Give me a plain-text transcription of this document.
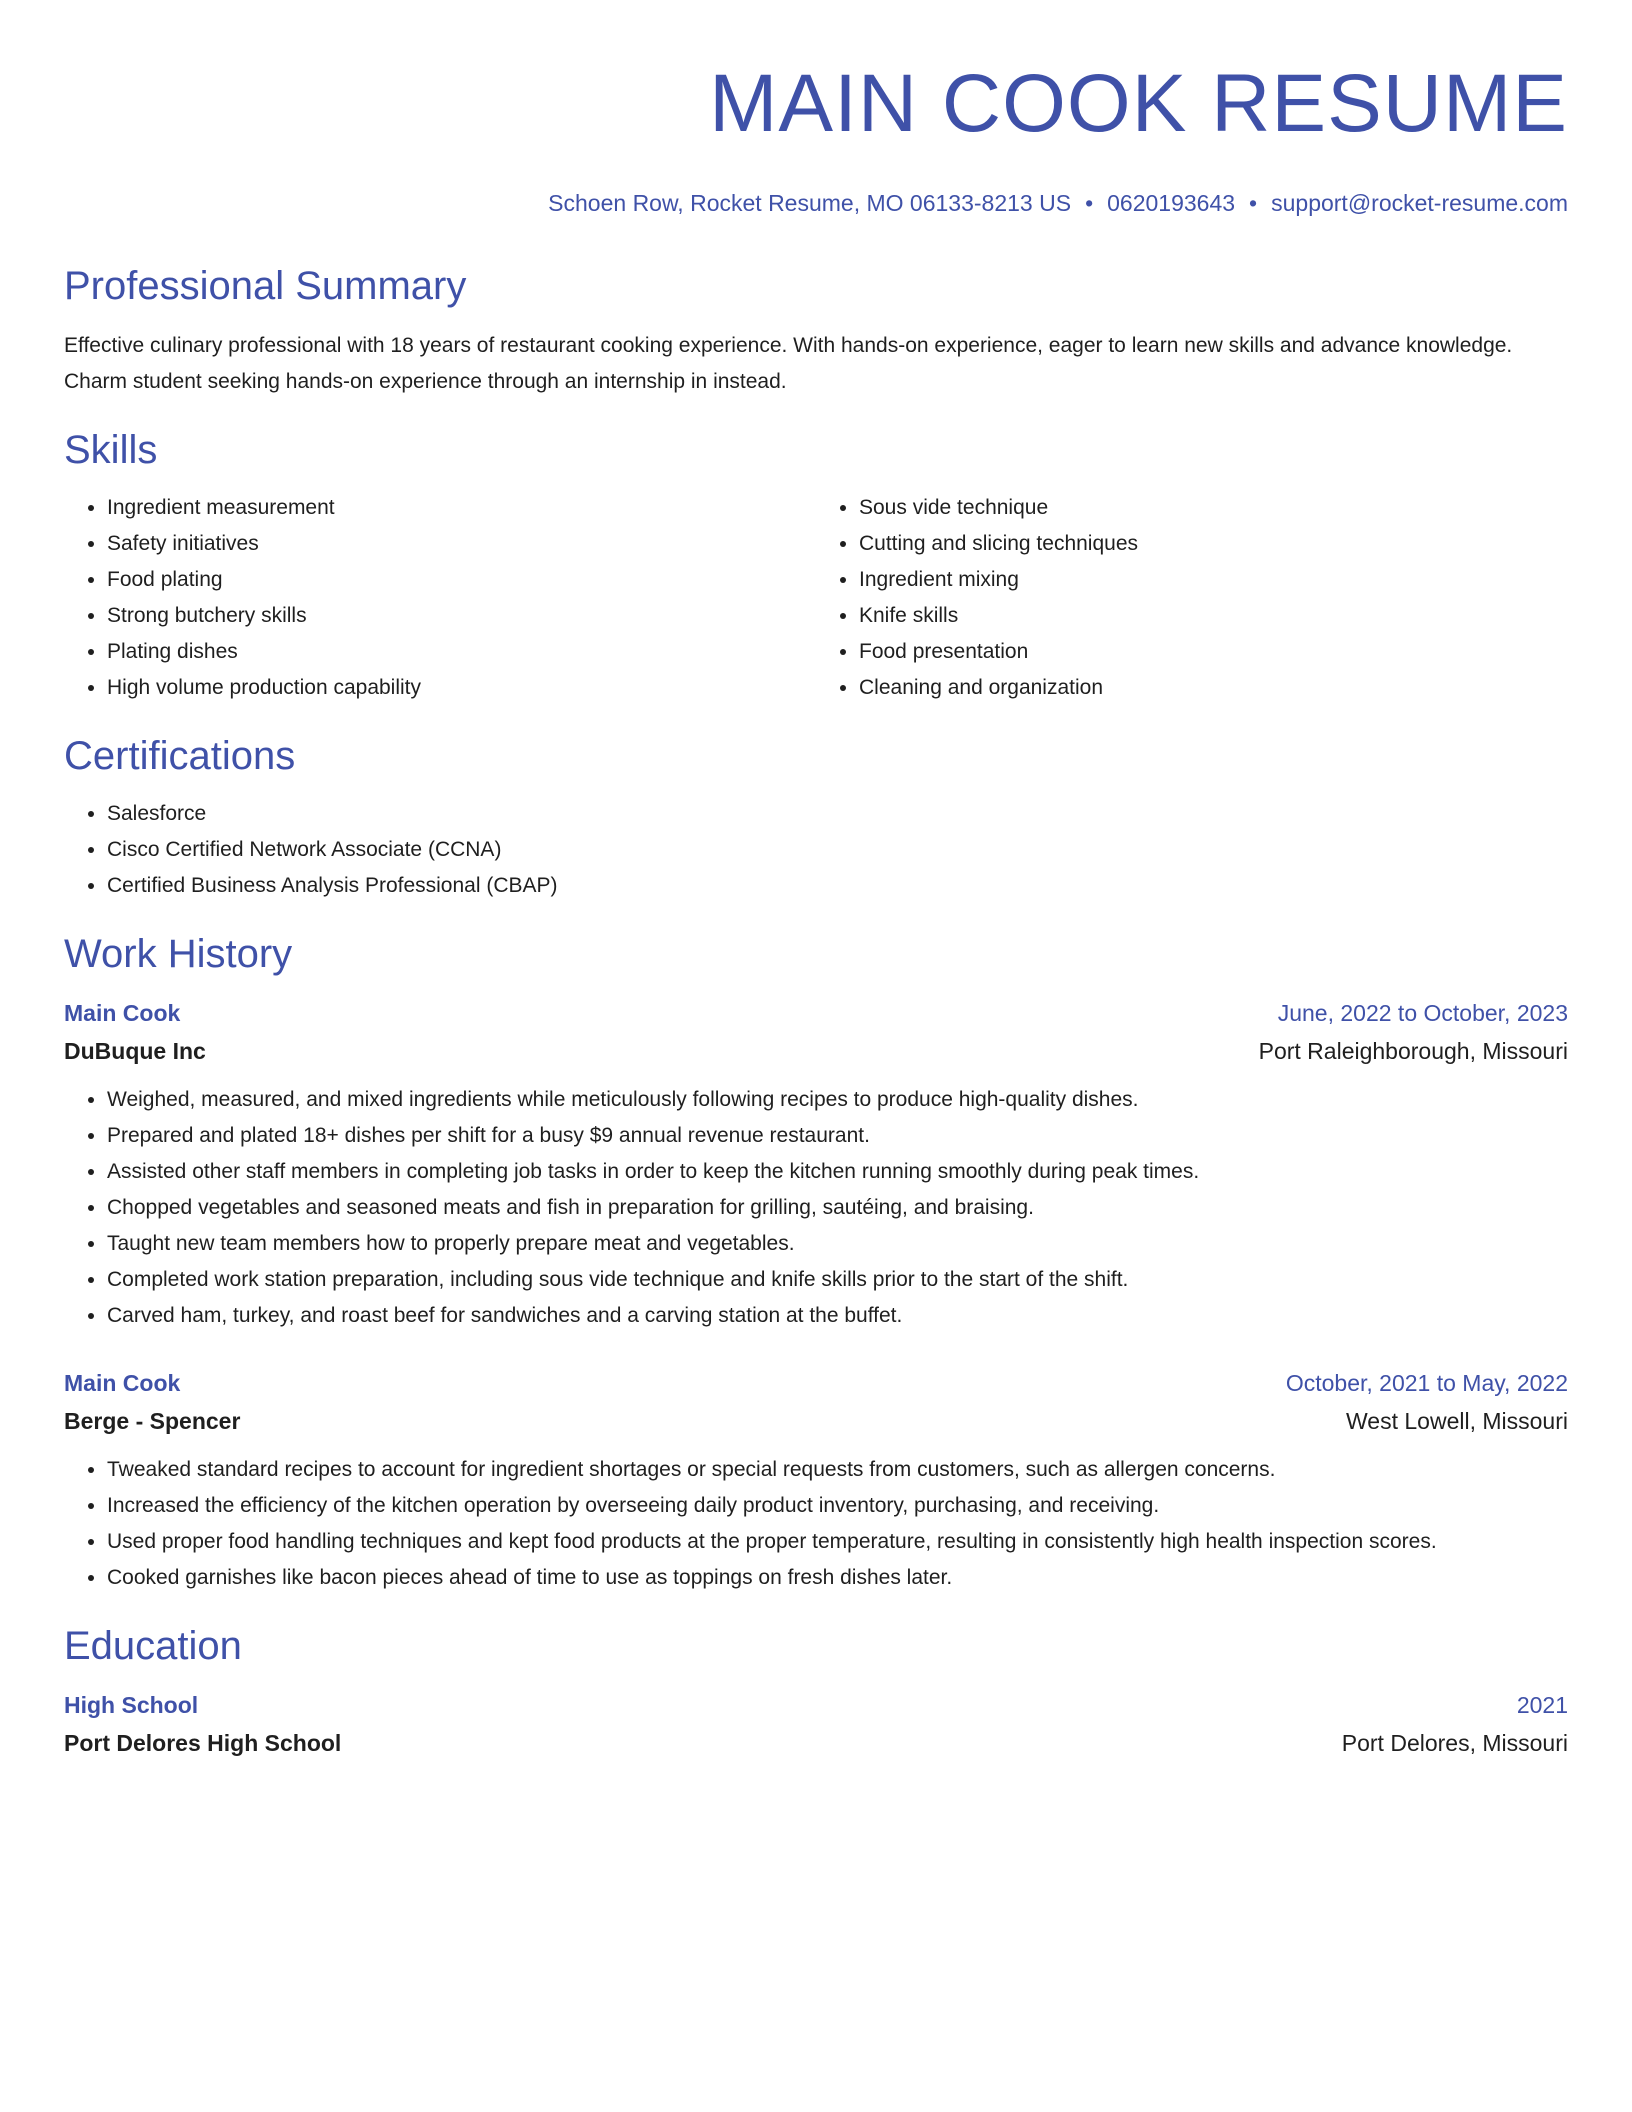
MAIN COOK RESUME
Schoen Row, Rocket Resume, MO 06133-8213 US • 0620193643 • support@rocket-resume.com
Professional Summary
Effective culinary professional with 18 years of restaurant cooking experience. With hands-on experience, eager to learn new skills and advance knowledge. Charm student seeking hands-on experience through an internship in instead.
Skills
• Ingredient measurement
• Safety initiatives
• Food plating
• Strong butchery skills
• Plating dishes
• High volume production capability
• Sous vide technique
• Cutting and slicing techniques
• Ingredient mixing
• Knife skills
• Food presentation
• Cleaning and organization
Certifications
• Salesforce
• Cisco Certified Network Associate (CCNA)
• Certified Business Analysis Professional (CBAP)
Work History
Main Cook	June, 2022 to October, 2023
DuBuque Inc	Port Raleighborough, Missouri
• Weighed, measured, and mixed ingredients while meticulously following recipes to produce high-quality dishes.
• Prepared and plated 18+ dishes per shift for a busy $9 annual revenue restaurant.
• Assisted other staff members in completing job tasks in order to keep the kitchen running smoothly during peak times.
• Chopped vegetables and seasoned meats and fish in preparation for grilling, sautéing, and braising.
• Taught new team members how to properly prepare meat and vegetables.
• Completed work station preparation, including sous vide technique and knife skills prior to the start of the shift.
• Carved ham, turkey, and roast beef for sandwiches and a carving station at the buffet.
Main Cook	October, 2021 to May, 2022
Berge - Spencer	West Lowell, Missouri
• Tweaked standard recipes to account for ingredient shortages or special requests from customers, such as allergen concerns.
• Increased the efficiency of the kitchen operation by overseeing daily product inventory, purchasing, and receiving.
• Used proper food handling techniques and kept food products at the proper temperature, resulting in consistently high health inspection scores.
• Cooked garnishes like bacon pieces ahead of time to use as toppings on fresh dishes later.
Education
High School	2021
Port Delores High School	Port Delores, Missouri
